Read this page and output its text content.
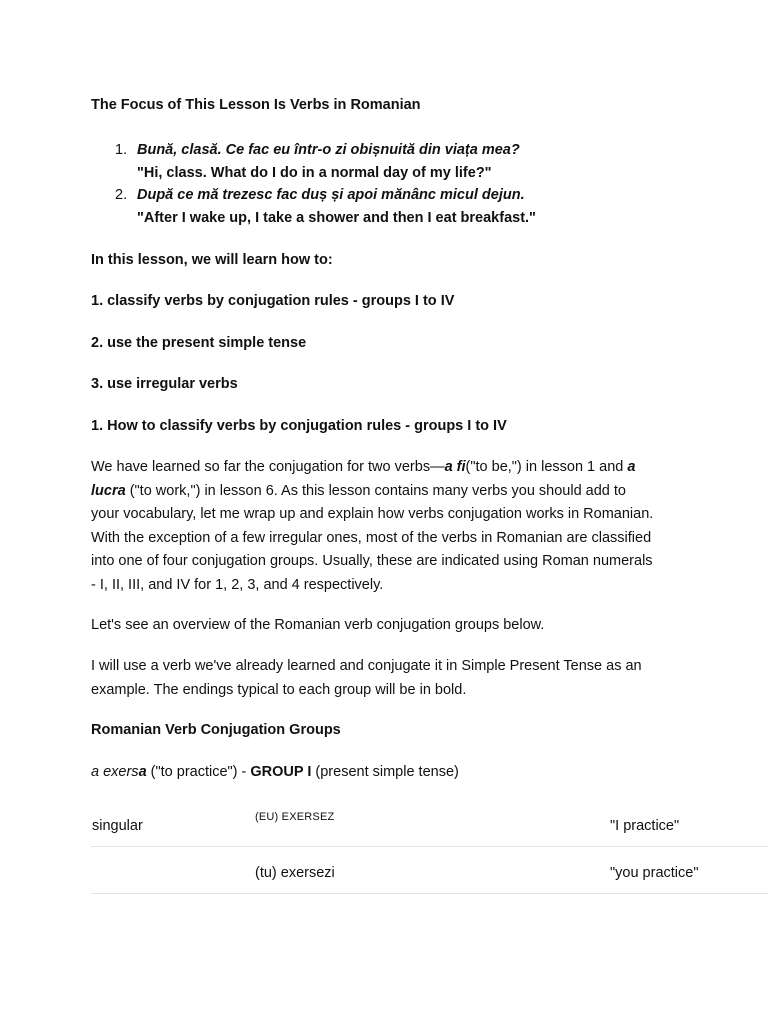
The Focus of This Lesson Is Verbs in Romanian
1. Bună, clasă. Ce fac eu într-o zi obișnuită din viața mea?
"Hi, class. What do I do in a normal day of my life?"
2. După ce mă trezesc fac duș și apoi mănânc micul dejun.
"After I wake up, I take a shower and then I eat breakfast."
In this lesson, we will learn how to:
1. classify verbs by conjugation rules - groups I to IV
2. use the present simple tense
3. use irregular verbs
1. How to classify verbs by conjugation rules - groups I to IV
We have learned so far the conjugation for two verbs—a fi("to be,") in lesson 1 and a
lucra ("to work,") in lesson 6. As this lesson contains many verbs you should add to
your vocabulary, let me wrap up and explain how verbs conjugation works in Romanian.
With the exception of a few irregular ones, most of the verbs in Romanian are classified
into one of four conjugation groups. Usually, these are indicated using Roman numerals
- I, II, III, and IV for 1, 2, 3, and 4 respectively.
Let's see an overview of the Romanian verb conjugation groups below.
I will use a verb we've already learned and conjugate it in Simple Present Tense as an
example. The endings typical to each group will be in bold.
Romanian Verb Conjugation Groups
a exersa ("to practice") - GROUP I (present simple tense)
singular
(EU) EXERSEZ
"I practice"
(tu) exersezi	"you practice"
